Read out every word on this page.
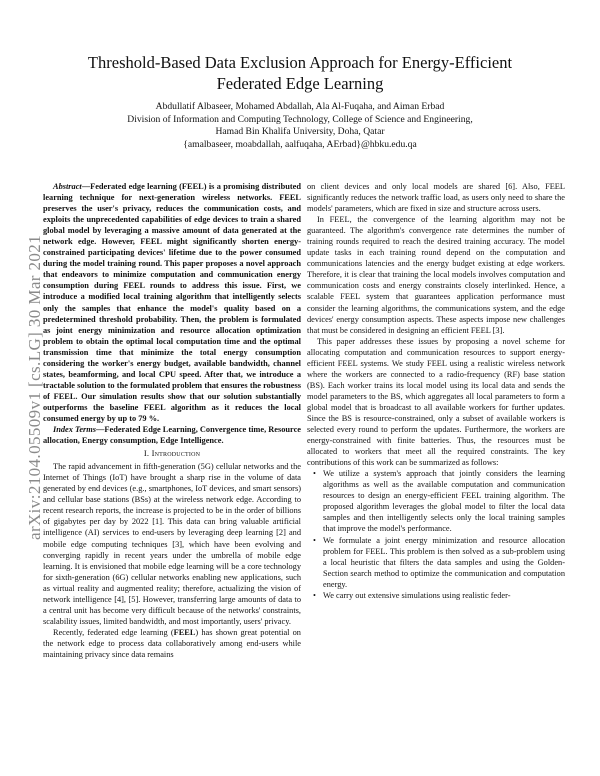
arXiv:2104.05509v1 [cs.LG] 30 Mar 2021
Threshold-Based Data Exclusion Approach for Energy-Efficient
Federated Edge Learning
Abdullatif Albaseer, Mohamed Abdallah, Ala Al-Fuqaha, and Aiman Erbad
Division of Information and Computing Technology, College of Science and Engineering,
Hamad Bin Khalifa University, Doha, Qatar
{amalbaseer, moabdallah, aalfuqaha, AErbad}@hbku.edu.qa

Abstract—Federated edge learning (FEEL) is a promising distributed learning technique for next-generation wireless networks. FEEL preserves the user's privacy, reduces the communication costs, and exploits the unprecedented capabilities of edge devices to train a shared global model by leveraging a massive amount of data generated at the network edge. However, FEEL might significantly shorten energy-constrained participating devices' lifetime due to the power consumed during the model training round. This paper proposes a novel approach that endeavors to minimize computation and communication energy consumption during FEEL rounds to address this issue. First, we introduce a modified local training algorithm that intelligently selects only the samples that enhance the model's quality based on a predetermined threshold probability. Then, the problem is formulated as joint energy minimization and resource allocation optimization problem to obtain the optimal local computation time and the optimal transmission time that minimize the total energy consumption considering the worker's energy budget, available bandwidth, channel states, beamforming, and local CPU speed. After that, we introduce a tractable solution to the formulated problem that ensures the robustness of FEEL. Our simulation results show that our solution substantially outperforms the baseline FEEL algorithm as it reduces the local consumed energy by up to 79 %.

Index Terms—Federated Edge Learning, Convergence time, Resource allocation, Energy consumption, Edge Intelligence.

I. Introduction

The rapid advancement in fifth-generation (5G) cellular networks and the Internet of Things (IoT) have brought a sharp rise in the volume of data generated by end devices (e.g., smartphones, IoT devices, and smart sensors) and cellular base stations (BSs) at the wireless network edge. According to recent research reports, the increase is projected to be in the order of billions of gigabytes per day by 2022 [1]. This data can bring valuable artificial intelligence (AI) services to end-users by leveraging deep learning [2] and mobile edge computing techniques [3], which have been evolving and converging rapidly in recent years under the umbrella of mobile edge learning. It is envisioned that mobile edge learning will be a core technology for sixth-generation (6G) cellular networks enabling new applications, such as virtual reality and augmented reality; therefore, actualizing the vision of network intelligence [4], [5]. However, transferring large amounts of data to a central unit has become very difficult because of the networks' constraints, scalability issues, limited bandwidth, and most importantly, users' privacy.

Recently, federated edge learning (FEEL) has shown great potential on the network edge to process data collaboratively among end-users while maintaining privacy since data remains

on client devices and only local models are shared [6]. Also, FEEL significantly reduces the network traffic load, as users only need to share the models' parameters, which are fixed in size and structure across users.

In FEEL, the convergence of the learning algorithm may not be guaranteed. The algorithm's convergence rate determines the number of training rounds required to reach the desired training accuracy. The model update tasks in each training round depend on the computation and communications latencies and the energy budget existing at edge workers. Therefore, it is clear that training the local models involves computation and communication costs and energy constraints closely interlinked. Hence, a scalable FEEL system that guarantees application performance must consider the learning algorithms, the communications system, and the edge devices' energy consumption aspects. These aspects impose new challenges that must be considered in designing an efficient FEEL [3].

This paper addresses these issues by proposing a novel scheme for allocating computation and communication resources to support energy-efficient FEEL systems. We study FEEL using a realistic wireless network where the workers are connected to a radio-frequency (RF) base station (BS). Each worker trains its local model using its local data and sends the model parameters to the BS, which aggregates all local parameters to form a global model that is broadcast to all available workers for further updates. Since the BS is resource-constrained, only a subset of available workers is selected every round to perform the updates. Furthermore, the workers are energy-constrained with finite batteries. Thus, the resources must be allocated to workers that meet all the required constraints. The key contributions of this work can be summarized as follows:

• We utilize a system's approach that jointly considers the learning algorithms as well as the available computation and communication resources to design an energy-efficient FEEL training algorithm. The proposed algorithm leverages the global model to filter the local data samples and then intelligently selects only the local training samples that improve the model's performance.
• We formulate a joint energy minimization and resource allocation problem for FEEL. This problem is then solved as a sub-problem using a local heuristic that filters the data samples and using the Golden-Section search method to optimize the communication and computation energy.
• We carry out extensive simulations using realistic feder-
